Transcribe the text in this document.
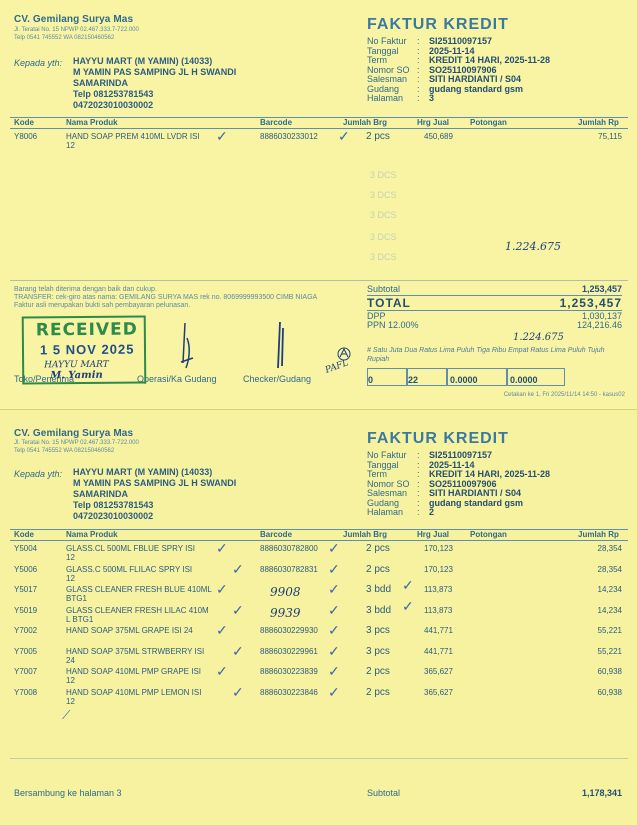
CV. Gemilang Surya Mas
Jl. Teratai No. 15 NPWP 02.467.333.7-722.000
Telp 0541 745552 WA 082150460562
FAKTUR KREDIT
No Faktur	:	SI25110097157
Tanggal	:	2025-11-14
Term	:	KREDIT 14 HARI, 2025-11-28
Nomor SO :	SO25110097906
Salesman	:	SITI HARDIANTI / S04
Gudang	:	gudang standard gsm
Halaman	:	3
Kepada yth: HAYYU MART (M YAMIN) (14033)
M YAMIN PAS SAMPING JL H SWANDI
SAMARINDA
Telp 081253781543
0472023010030002
Kode	Nama Produk	Barcode	Jumlah Brg	Hrg Jual	Potongan	Jumlah Rp
Y8006	HAND SOAP PREM 410ML LVDR ISI
12
8886030233012	2 pcs	450,689	75,115
✓	✓
3 DCS
3 DCS
3 DCS
3 DCS
3 DCS
1.224.675
Barang telah diterima dengan baik dan cukup.
TRANSFER: cek-giro atas nama: GEMILANG SURYA MAS rek no. 8069999993500 CIMB NIAGA
Faktur asli merupakan bukti sah pembayaran pelunasan.
Subtotal	1,253,457
TOTAL	1,253,457
DPP	1,030,137
PPN 12.00%	124,216.46
1.224.675
# Satu Juta Dua Ratus Lima Puluh Tiga Ribu Empat Ratus Lima Puluh Tujuh
Rupiah
0	22	0.0000	0.0000
Cetakan ke 1, Fri 2025/11/14 14:50 - kasus02
Toko/Penerima	Operasi/Ka Gudang	Checker/Gudang
PAFL
RECEIVED
1 5 NOV 2025
HAYYU MART
M. Yamin
CV. Gemilang Surya Mas
Jl. Teratai No. 15 NPWP 02.467.333.7-722.000
Telp 0541 745552 WA 082150460562
FAKTUR KREDIT
No Faktur	:	SI25110097157
Tanggal	:	2025-11-14
Term	:	KREDIT 14 HARI, 2025-11-28
Nomor SO :	SO25110097906
Salesman	:	SITI HARDIANTI / S04
Gudang	:	gudang standard gsm
Halaman	:	2
Kepada yth: HAYYU MART (M YAMIN) (14033)
M YAMIN PAS SAMPING JL H SWANDI
SAMARINDA
Telp 081253781543
0472023010030002
Kode	Nama Produk	Barcode	Jumlah Brg	Hrg Jual	Potongan	Jumlah Rp
Y5004	GLASS.CL 500ML FBLUE SPRY ISI
12
8886030782800	2 pcs	170,123	28,354
✓	✓
Y5006	GLASS.C 500ML FLILAC SPRY ISI
12
8886030782831	2 pcs	170,123	28,354
✓	✓
Y5017	GLASS CLEANER FRESH BLUE 410ML
BTG1	9908	3 bdd	113,873	14,234
✓	✓	✓
Y5019	GLASS CLEANER FRESH LILAC 410M
L BTG1	9939	3 bdd	113,873	14,234
✓	✓	✓
Y7002	HAND SOAP 375ML GRAPE ISI 24	8886030229930	3 pcs	441,771	55,221
✓	✓
Y7005	HAND SOAP 375ML STRWBERRY ISI
24
8886030229961	3 pcs	441,771	55,221
✓	✓
Y7007	HAND SOAP 410ML PMP GRAPE ISI
12
8886030223839	2 pcs	365,627	60,938
✓	✓
Y7008	HAND SOAP 410ML PMP LEMON ISI
12
8886030223846	2 pcs	365,627	60,938
✓	✓
⟋
Bersambung ke halaman 3	Subtotal	1,178,341
